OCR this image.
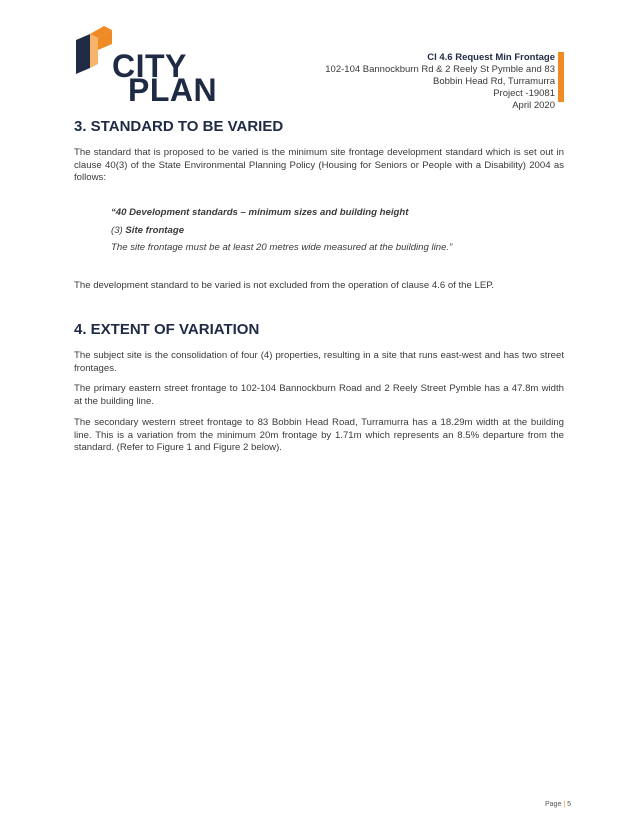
CITY
PLAN
Cl 4.6 Request Min Frontage
102-104 Bannockburn Rd & 2 Reely St Pymble and 83
Bobbin Head Rd, Turramurra
Project -19081
April 2020
3. STANDARD TO BE VARIED

The standard that is proposed to be varied is the minimum site frontage development standard which is set out in clause 40(3) of the State Environmental Planning Policy (Housing for Seniors or People with a Disability) 2004 as follows:

“40 Development standards – minimum sizes and building height

(3) Site frontage

The site frontage must be at least 20 metres wide measured at the building line.”

The development standard to be varied is not excluded from the operation of clause 4.6 of the LEP.

4. EXTENT OF VARIATION

The subject site is the consolidation of four (4) properties, resulting in a site that runs east-west and has two street frontages.

The primary eastern street frontage to 102-104 Bannockburn Road and 2 Reely Street Pymble has a 47.8m width at the building line.

The secondary western street frontage to 83 Bobbin Head Road, Turramurra has a 18.29m width at the building line. This is a variation from the minimum 20m frontage by 1.71m which represents an 8.5% departure from the standard. (Refer to Figure 1 and Figure 2 below).

Page | 5
